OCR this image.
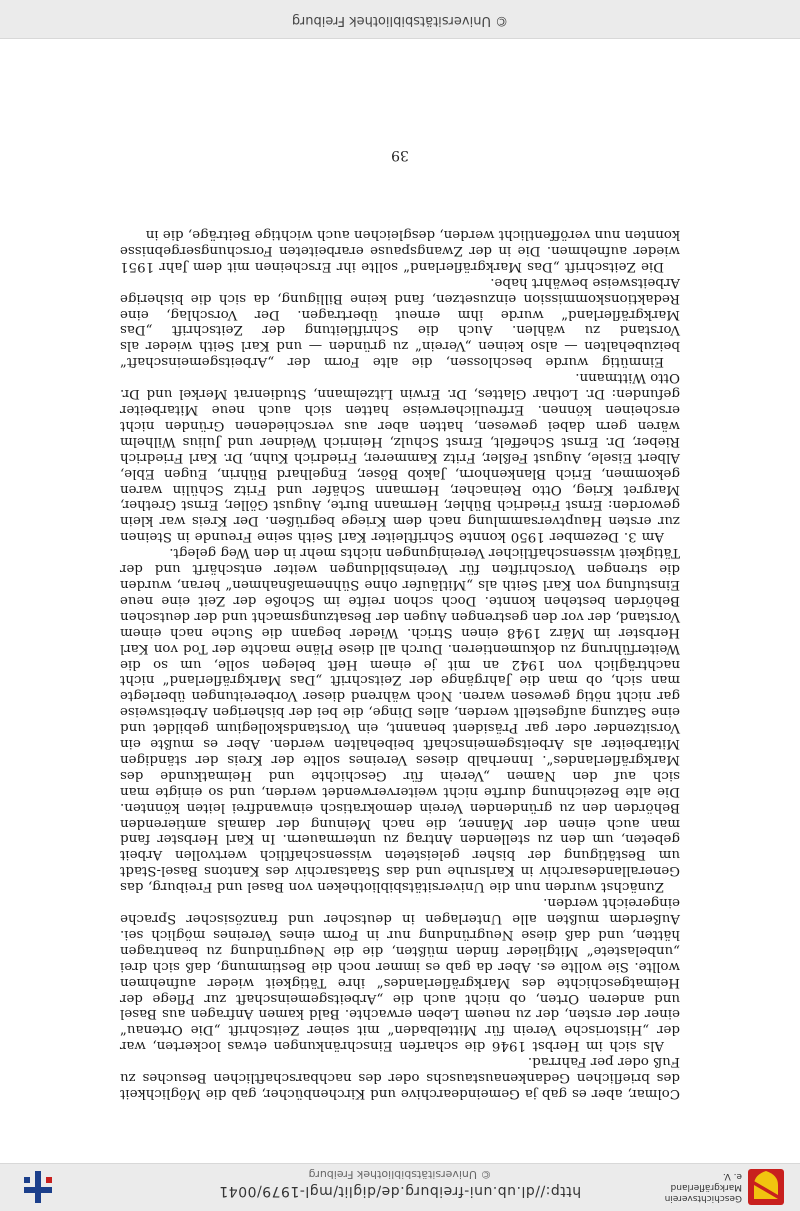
Geschichtsverein Markgräflerland e. V.
http://dl.ub.uni-freiburg.de/diglit/mgl-1979/0041
© Universitätsbibliothek Freiburg

Colmar, aber es gab ja Gemeindearchive und Kirchenbücher, gab die Möglichkeit des brieflichen Gedankenaustauschs oder des nachbarschaftlichen Besuches zu Fuß oder per Fahrrad.

Als sich im Herbst 1946 die scharfen Einschränkungen etwas lockerten, war der „Historische Verein für Mittelbaden“ mit seiner Zeitschrift „Die Ortenau“ einer der ersten, der zu neuem Leben erwachte. Bald kamen Anfragen aus Basel und anderen Orten, ob nicht auch die „Arbeitsgemeinschaft zur Pflege der Heimatgeschichte des Markgräflerlandes“ ihre Tätigkeit wieder aufnehmen wollte. Sie wollte es. Aber da gab es immer noch die Bestimmung, daß sich drei „unbelastete“ Mitglieder finden müßten, die die Neugründung zu beantragen hätten, und daß diese Neugründung nur in Form eines Vereines möglich sei. Außerdem mußten alle Unterlagen in deutscher und französischer Sprache eingereicht werden.

Zunächst wurden nun die Universitätsbibliotheken von Basel und Freiburg, das Generallandesarchiv in Karlsruhe und das Staatsarchiv des Kantons Basel-Stadt um Bestätigung der bisher geleisteten wissenschaftlich wertvollen Arbeit gebeten, um den zu stellenden Antrag zu untermauern. In Karl Herbster fand man auch einen der Männer, die nach Meinung der damals amtierenden Behörden den zu gründenden Verein demokratisch einwandfrei leiten könnten. Die alte Bezeichnung durfte nicht weiterverwendet werden, und so einigte man sich auf den Namen „Verein für Geschichte und Heimatkunde des Markgräflerlandes“. Innerhalb dieses Vereines sollte der Kreis der ständigen Mitarbeiter als Arbeitsgemeinschaft beibehalten werden. Aber es mußte ein Vorsitzender oder gar Präsident benannt, ein Vorstandskollegium gebildet und eine Satzung aufgestellt werden, alles Dinge, die bei der bisherigen Arbeitsweise gar nicht nötig gewesen waren. Noch während dieser Vorbereitungen überlegte man sich, ob man die Jahrgänge der Zeitschrift „Das Markgräflerland“ nicht nachträglich von 1942 an mit je einem Heft belegen solle, um so die Weiterführung zu dokumentieren. Durch all diese Pläne machte der Tod von Karl Herbster im März 1948 einen Strich. Wieder begann die Suche nach einem Vorstand, der vor den gestrengen Augen der Besatzungsmacht und der deutschen Behörden bestehen konnte. Doch schon reifte im Schoße der Zeit eine neue Einstufung von Karl Seith als „Mitläufer ohne Sühnemaßnahmen“ heran, wurden die strengen Vorschriften für Vereinsbildungen weiter entschärft und der Tätigkeit wissenschaftlicher Vereinigungen nichts mehr in den Weg gelegt.

Am 3. Dezember 1950 konnte Schriftleiter Karl Seith seine Freunde in Steinen zur ersten Hauptversammlung nach dem Kriege begrüßen. Der Kreis war klein geworden: Ernst Friedrich Bühler, Hermann Burte, August Göller, Ernst Grether, Margret Krieg, Otto Reinacher, Hermann Schäfer und Fritz Schülin waren gekommen, Erich Blankenhorn, Jakob Böser, Engelhard Bührin, Eugen Eble, Albert Eisele, August Feßler, Fritz Kammerer, Friedrich Kuhn, Dr. Karl Friedrich Rieber, Dr. Ernst Scheffelt, Ernst Schulz, Heinrich Weidner und Julius Wilhelm wären gern dabei gewesen, hatten aber aus verschiedenen Gründen nicht erscheinen können. Erfreulicherweise hatten sich auch neue Mitarbeiter gefunden: Dr. Lothar Glattes, Dr. Erwin Litzelmann, Studienrat Merkel und Dr. Otto Wittmann.

Einmütig wurde beschlossen, die alte Form der „Arbeitsgemeinschaft“ beizubehalten — also keinen „Verein“ zu gründen — und Karl Seith wieder als Vorstand zu wählen. Auch die Schriftleitung der Zeitschrift „Das Markgräflerland“ wurde ihm erneut übertragen. Der Vorschlag, eine Redaktionskommission einzusetzen, fand keine Billigung, da sich die bisherige Arbeitsweise bewährt habe.

Die Zeitschrift „Das Markgräflerland“ sollte ihr Erscheinen mit dem Jahr 1951 wieder aufnehmen. Die in der Zwangspause erarbeiteten Forschungsergebnisse konnten nun veröffentlicht werden, desgleichen auch wichtige Beiträge, die in

39
© Universitätsbibliothek Freiburg
